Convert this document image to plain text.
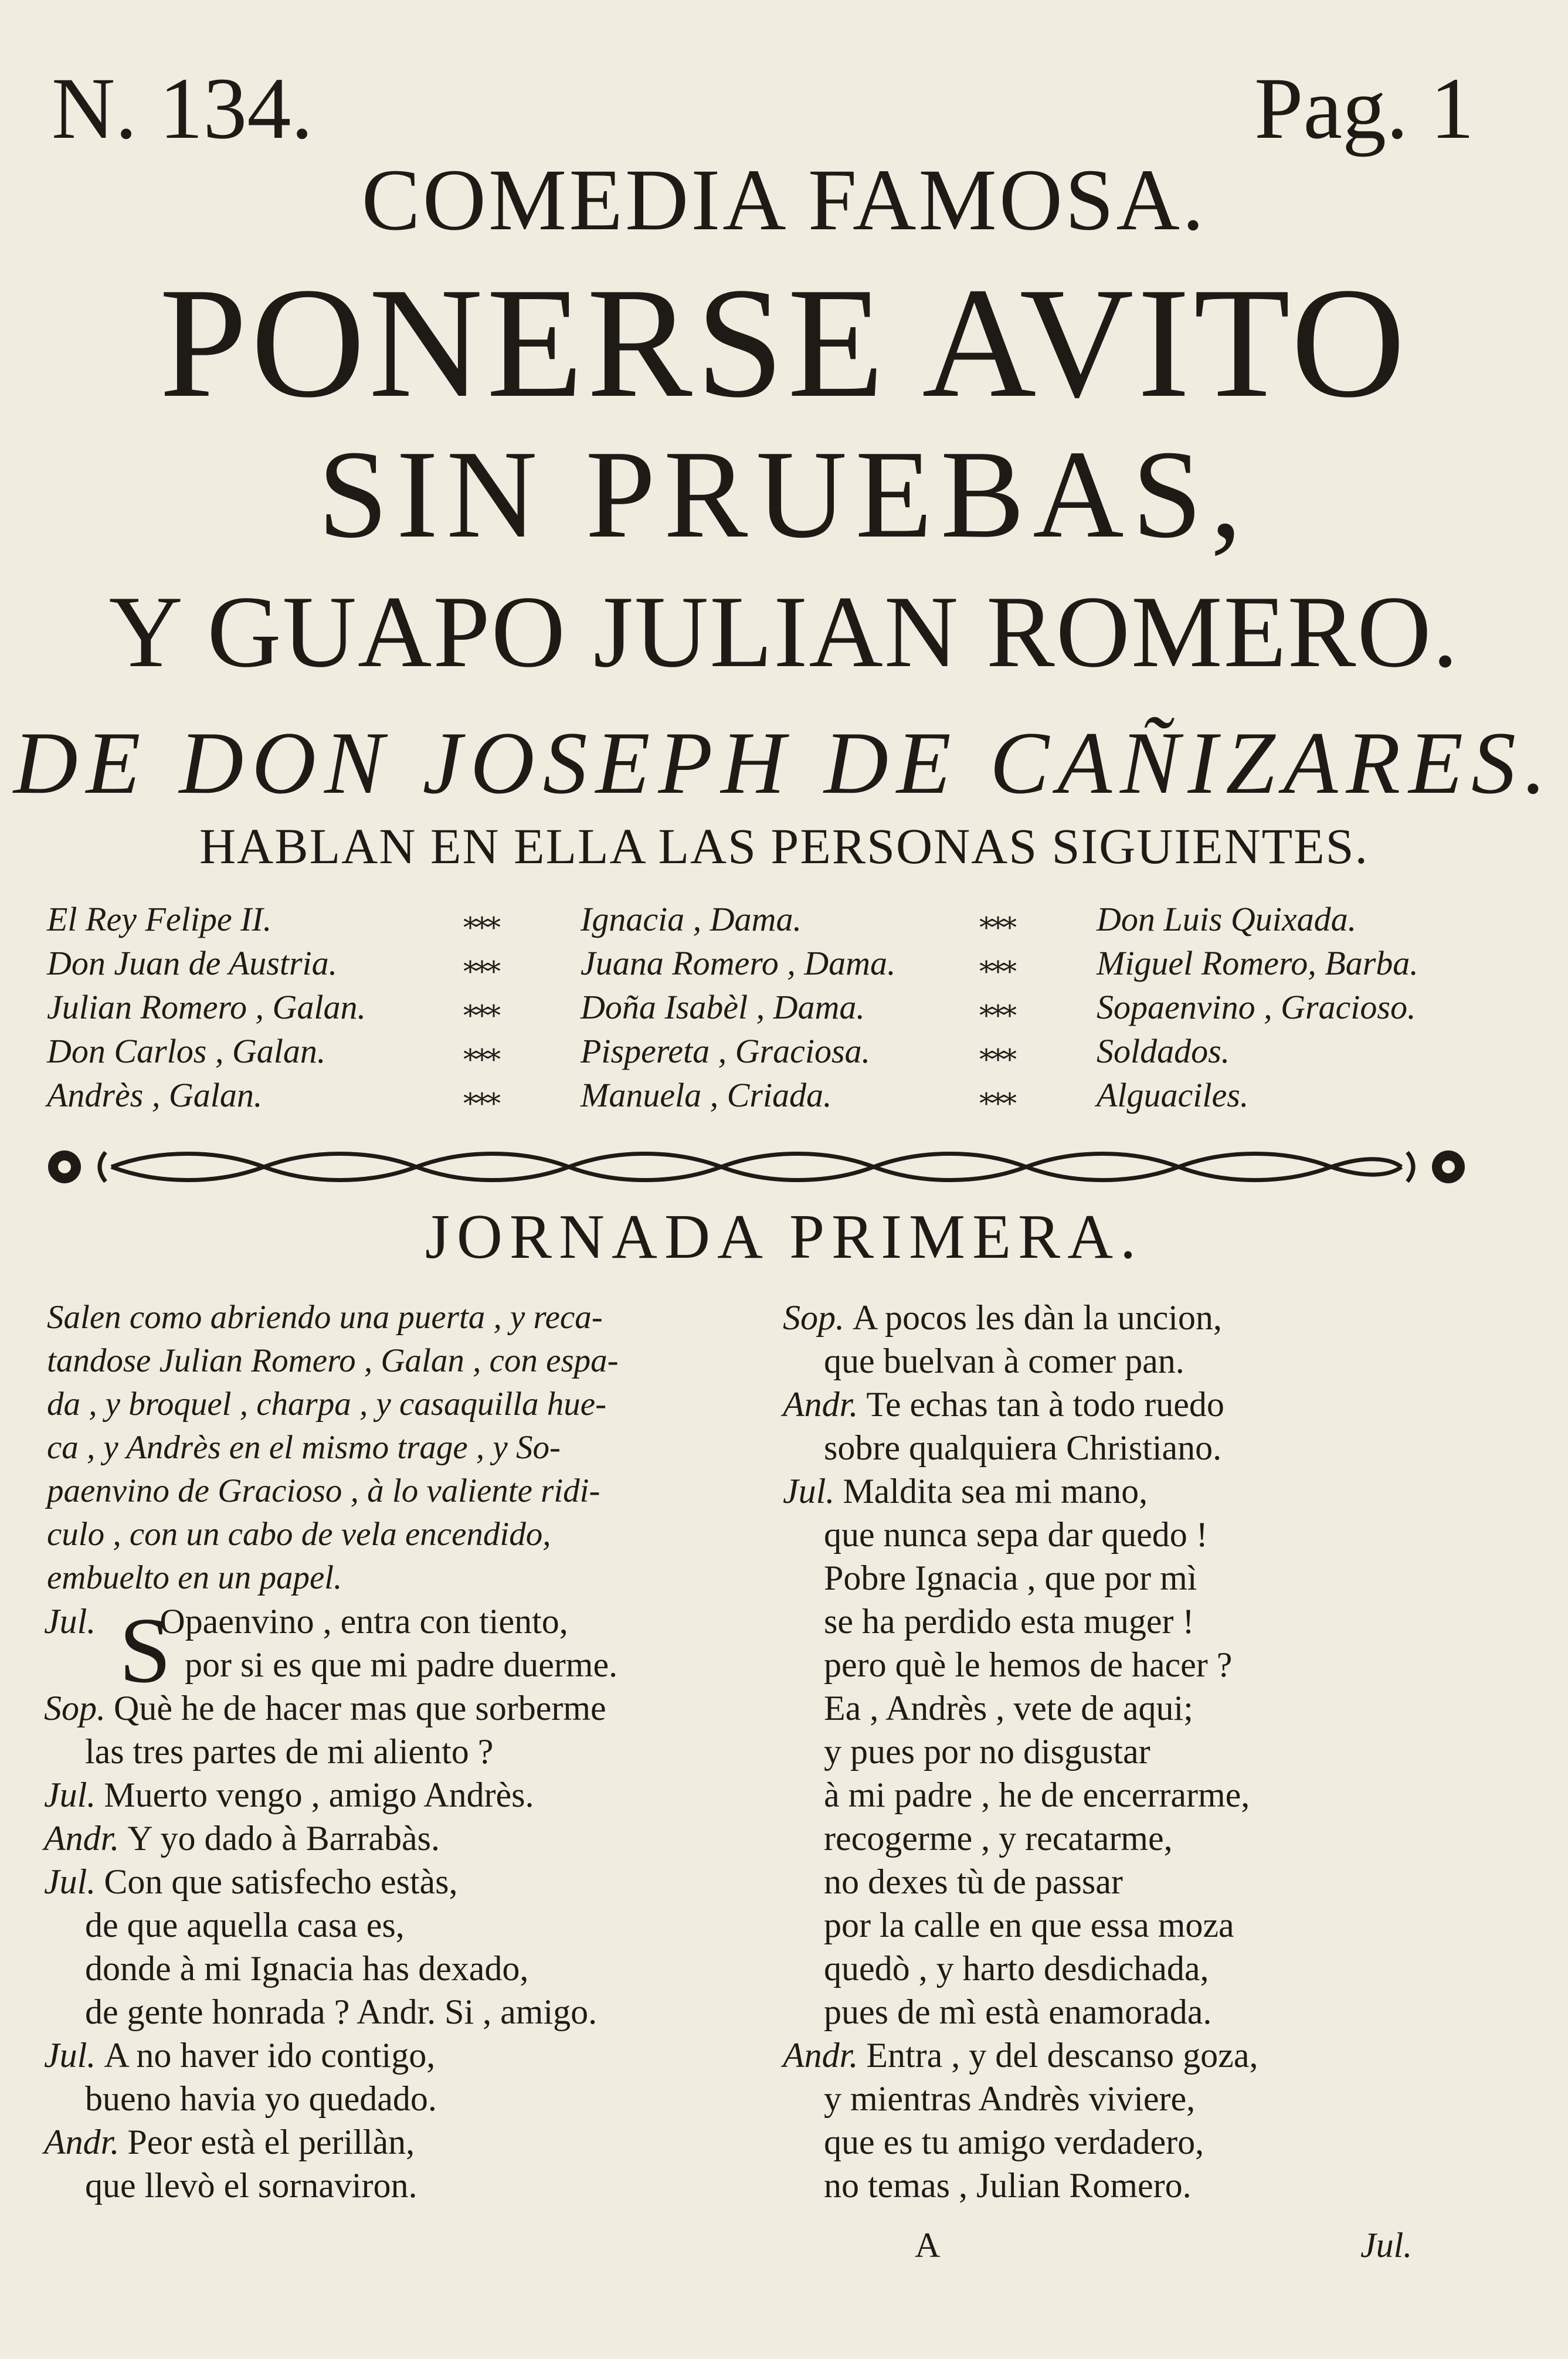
N. 134.	Pag. 1
COMEDIA FAMOSA.
PONERSE AVITO
SIN PRUEBAS,
Y GUAPO JULIAN ROMERO.
DE DON JOSEPH DE CAÑIZARES.
HABLAN EN ELLA LAS PERSONAS SIGUIENTES.
El Rey Felipe II.
Don Juan de Austria.
Julian Romero , Galan.
Don Carlos , Galan.
Andrès , Galan.
⁎⁎⁎
⁎⁎⁎
⁎⁎⁎
⁎⁎⁎
⁎⁎⁎
Ignacia , Dama.
Juana Romero , Dama.
Doña Isabèl , Dama.
Pispereta , Graciosa.
Manuela , Criada.
⁎⁎⁎
⁎⁎⁎
⁎⁎⁎
⁎⁎⁎
⁎⁎⁎
Don Luis Quixada.
Miguel Romero, Barba.
Sopaenvino , Gracioso.
Soldados.
Alguaciles.
JORNADA PRIMERA.
Salen como abriendo una puerta , y reca-
tandose Julian Romero , Galan , con espa-
da , y broquel , charpa , y casaquilla hue-
ca , y Andrès en el mismo trage , y So-
paenvino de Gracioso , à lo valiente ridi-
culo , con un cabo de vela encendido,
embuelto en un papel.
Jul. S
Opaenvino , entra con tiento,
por si es que mi padre duerme.
Sop. Què he de hacer mas que sorberme
las tres partes de mi aliento ?
Jul. Muerto vengo , amigo Andrès.
Andr. Y yo dado à Barrabàs.
Jul. Con que satisfecho estàs,
de que aquella casa es,
donde à mi Ignacia has dexado,
de gente honrada ? Andr. Si , amigo.
Jul. A no haver ido contigo,
bueno havia yo quedado.
Andr. Peor està el perillàn,
que llevò el sornaviron.
Sop. A pocos les dàn la uncion,
que buelvan à comer pan.
Andr. Te echas tan à todo ruedo
sobre qualquiera Christiano.
Jul. Maldita sea mi mano,
que nunca sepa dar quedo !
Pobre Ignacia , que por mì
se ha perdido esta muger !
pero què le hemos de hacer ?
Ea , Andrès , vete de aqui;
y pues por no disgustar
à mi padre , he de encerrarme,
recogerme , y recatarme,
no dexes tù de passar
por la calle en que essa moza
quedò , y harto desdichada,
pues de mì està enamorada.
Andr. Entra , y del descanso goza,
y mientras Andrès viviere,
que es tu amigo verdadero,
no temas , Julian Romero.
A	Jul.
